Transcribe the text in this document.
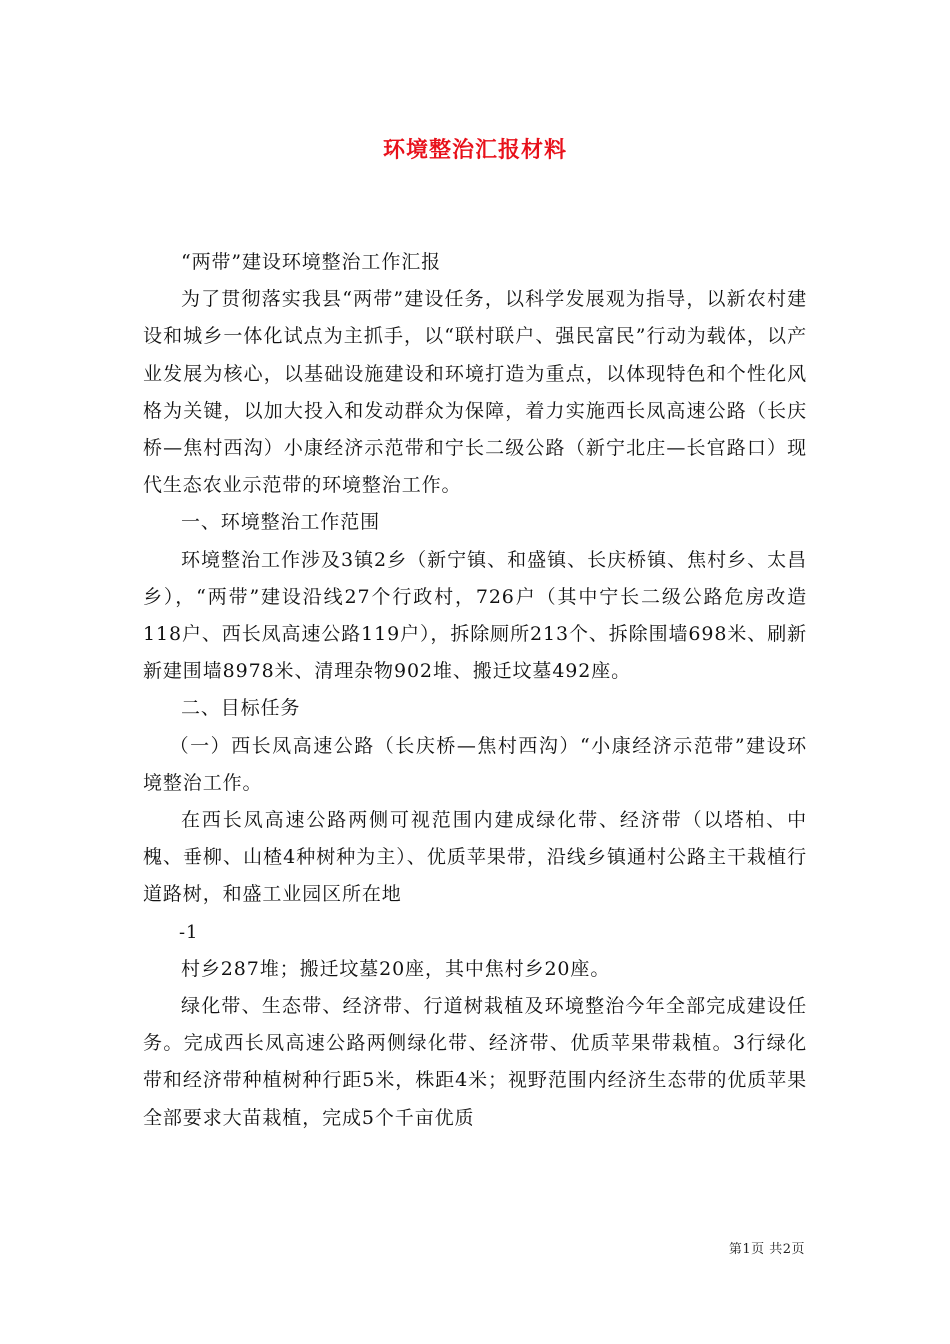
环境整治汇报材料

“两带”建设环境整治工作汇报

为了贯彻落实我县“两带”建设任务，以科学发展观为指导，以新农村建设和城乡一体化试点为主抓手，以“联村联户、强民富民”行动为载体，以产业发展为核心，以基础设施建设和环境打造为重点，以体现特色和个性化风格为关键，以加大投入和发动群众为保障，着力实施西长凤高速公路（长庆桥—焦村西沟）小康经济示范带和宁长二级公路（新宁北庄—长官路口）现代生态农业示范带的环境整治工作。

一、环境整治工作范围

环境整治工作涉及3镇2乡（新宁镇、和盛镇、长庆桥镇、焦村乡、太昌乡），“两带”建设沿线27个行政村，726户（其中宁长二级公路危房改造118户、西长凤高速公路119户），拆除厕所213个、拆除围墙698米、刷新新建围墙8978米、清理杂物902堆、搬迁坟墓492座。

二、目标任务

（一）西长凤高速公路（长庆桥—焦村西沟）“小康经济示范带”建设环境整治工作。

在西长凤高速公路两侧可视范围内建成绿化带、经济带（以塔柏、中槐、垂柳、山楂4种树种为主）、优质苹果带，沿线乡镇通村公路主干栽植行道路树，和盛工业园区所在地

-1

村乡287堆；搬迁坟墓20座，其中焦村乡20座。

绿化带、生态带、经济带、行道树栽植及环境整治今年全部完成建设任务。完成西长凤高速公路两侧绿化带、经济带、优质苹果带栽植。3行绿化带和经济带种植树种行距5米，株距4米；视野范围内经济生态带的优质苹果全部要求大苗栽植，完成5个千亩优质

第1页 共2页
